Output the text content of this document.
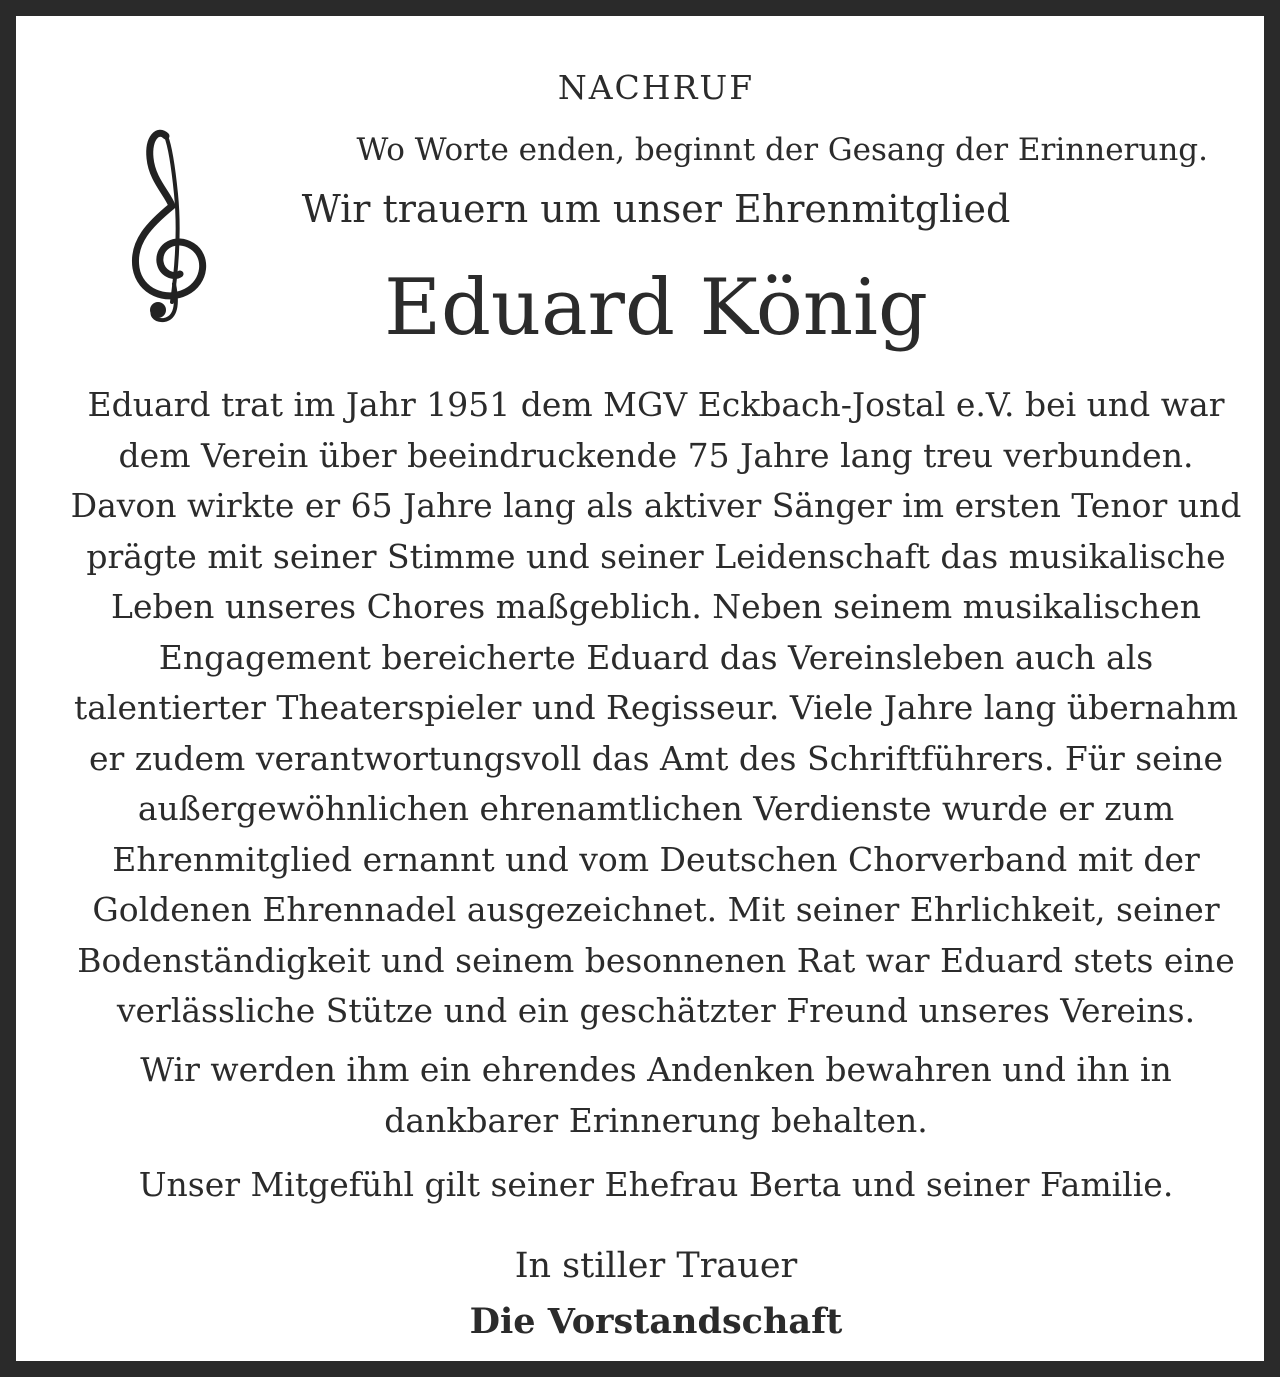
NACHRUF
Wo Worte enden, beginnt der Gesang der Erinnerung.
Wir trauern um unser Ehrenmitglied
Eduard König

Eduard trat im Jahr 1951 dem MGV Eckbach-Jostal e.V. bei und war
dem Verein über beeindruckende 75 Jahre lang treu verbunden.
Davon wirkte er 65 Jahre lang als aktiver Sänger im ersten Tenor und
prägte mit seiner Stimme und seiner Leidenschaft das musikalische
Leben unseres Chores maßgeblich. Neben seinem musikalischen
Engagement bereicherte Eduard das Vereinsleben auch als
talentierter Theaterspieler und Regisseur. Viele Jahre lang übernahm
er zudem verantwortungsvoll das Amt des Schriftführers. Für seine
außergewöhnlichen ehrenamtlichen Verdienste wurde er zum
Ehrenmitglied ernannt und vom Deutschen Chorverband mit der
Goldenen Ehrennadel ausgezeichnet. Mit seiner Ehrlichkeit, seiner
Bodenständigkeit und seinem besonnenen Rat war Eduard stets eine
verlässliche Stütze und ein geschätzter Freund unseres Vereins.

Wir werden ihm ein ehrendes Andenken bewahren und ihn in
dankbarer Erinnerung behalten.
Unser Mitgefühl gilt seiner Ehefrau Berta und seiner Familie.
In stiller Trauer
Die Vorstandschaft
